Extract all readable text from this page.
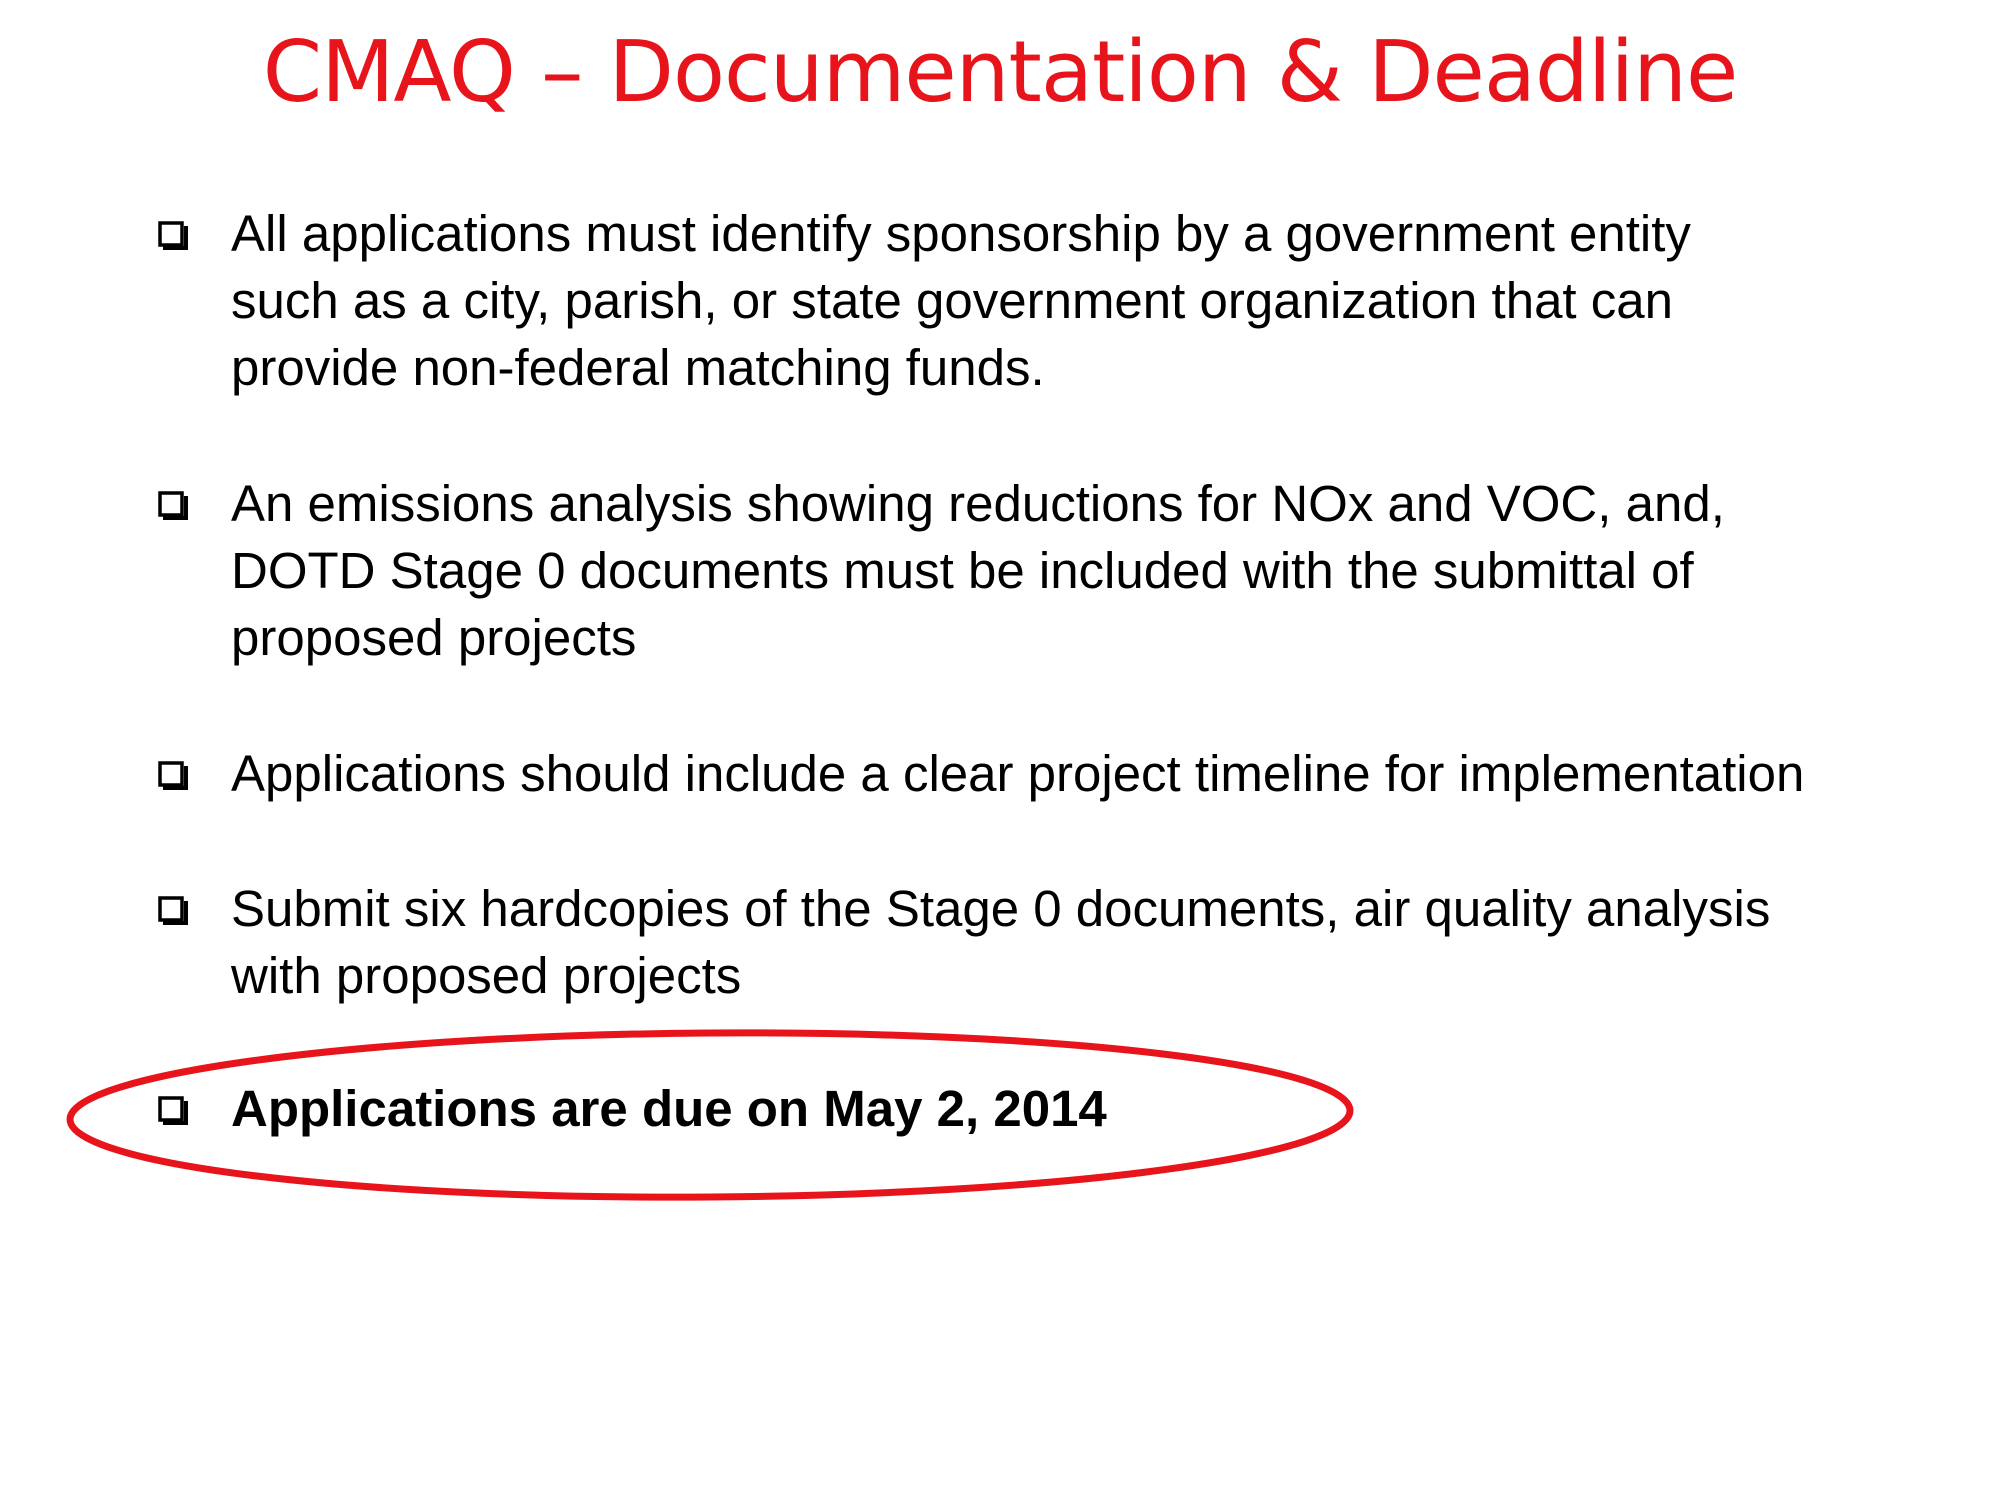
CMAQ – Documentation & Deadline
All applications must identify sponsorship by a government entity
such as a city, parish, or state government organization that can
provide non-federal matching funds.
An emissions analysis showing reductions for NOx and VOC, and,
DOTD Stage 0 documents must be included with the submittal of
proposed projects
Applications should include a clear project timeline for implementation
Submit six hardcopies of the Stage 0 documents, air quality analysis
with proposed projects
Applications are due on May 2, 2014
